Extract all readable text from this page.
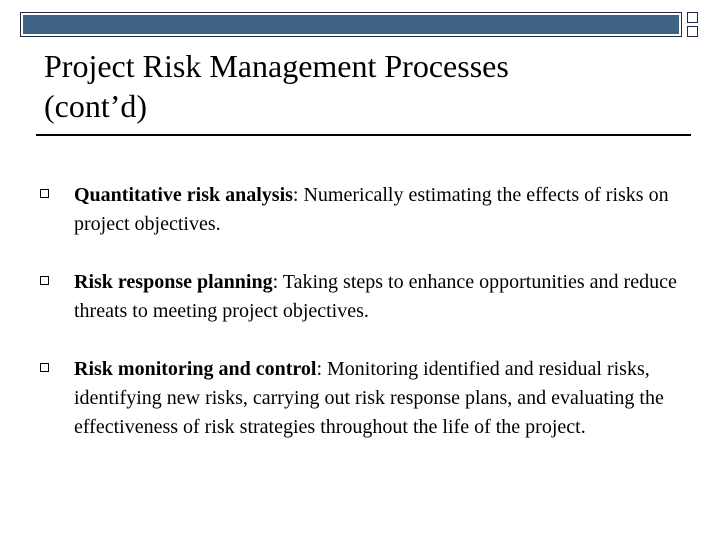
Project Risk Management Processes
(cont’d)
Quantitative risk analysis: Numerically estimating the effects of risks on project objectives.
Risk response planning: Taking steps to enhance opportunities and reduce threats to meeting project objectives.
Risk monitoring and control: Monitoring identified and residual risks, identifying new risks, carrying out risk response plans, and evaluating the effectiveness of risk strategies throughout the life of the project.
